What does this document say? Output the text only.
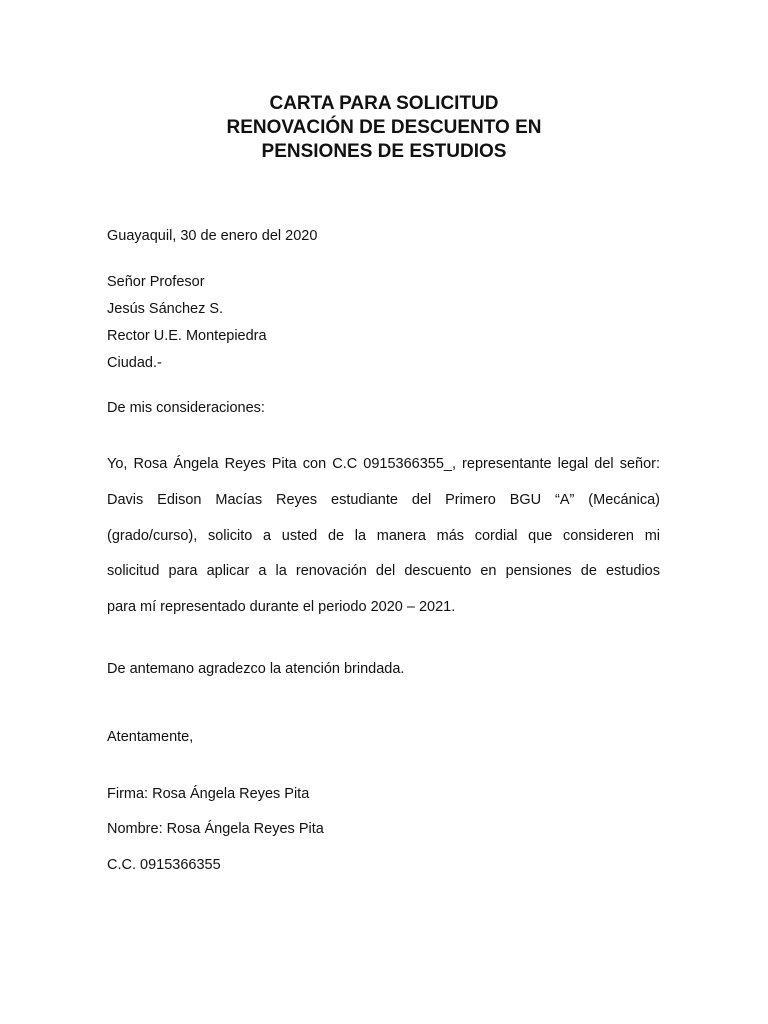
CARTA PARA SOLICITUD
RENOVACIÓN DE DESCUENTO EN
PENSIONES DE ESTUDIOS
Guayaquil, 30 de enero del 2020
Señor Profesor
Jesús Sánchez S.
Rector U.E. Montepiedra
Ciudad.-
De mis consideraciones:
Yo, Rosa Ángela Reyes Pita con C.C 0915366355_, representante legal del señor:
Davis Edison Macías Reyes estudiante del Primero BGU “A” (Mecánica)
(grado/curso), solicito a usted de la manera más cordial que consideren mi
solicitud para aplicar a la renovación del descuento en pensiones de estudios
para mí representado durante el periodo 2020 – 2021.
De antemano agradezco la atención brindada.
Atentamente,
Firma: Rosa Ángela Reyes Pita
Nombre: Rosa Ángela Reyes Pita
C.C. 0915366355
